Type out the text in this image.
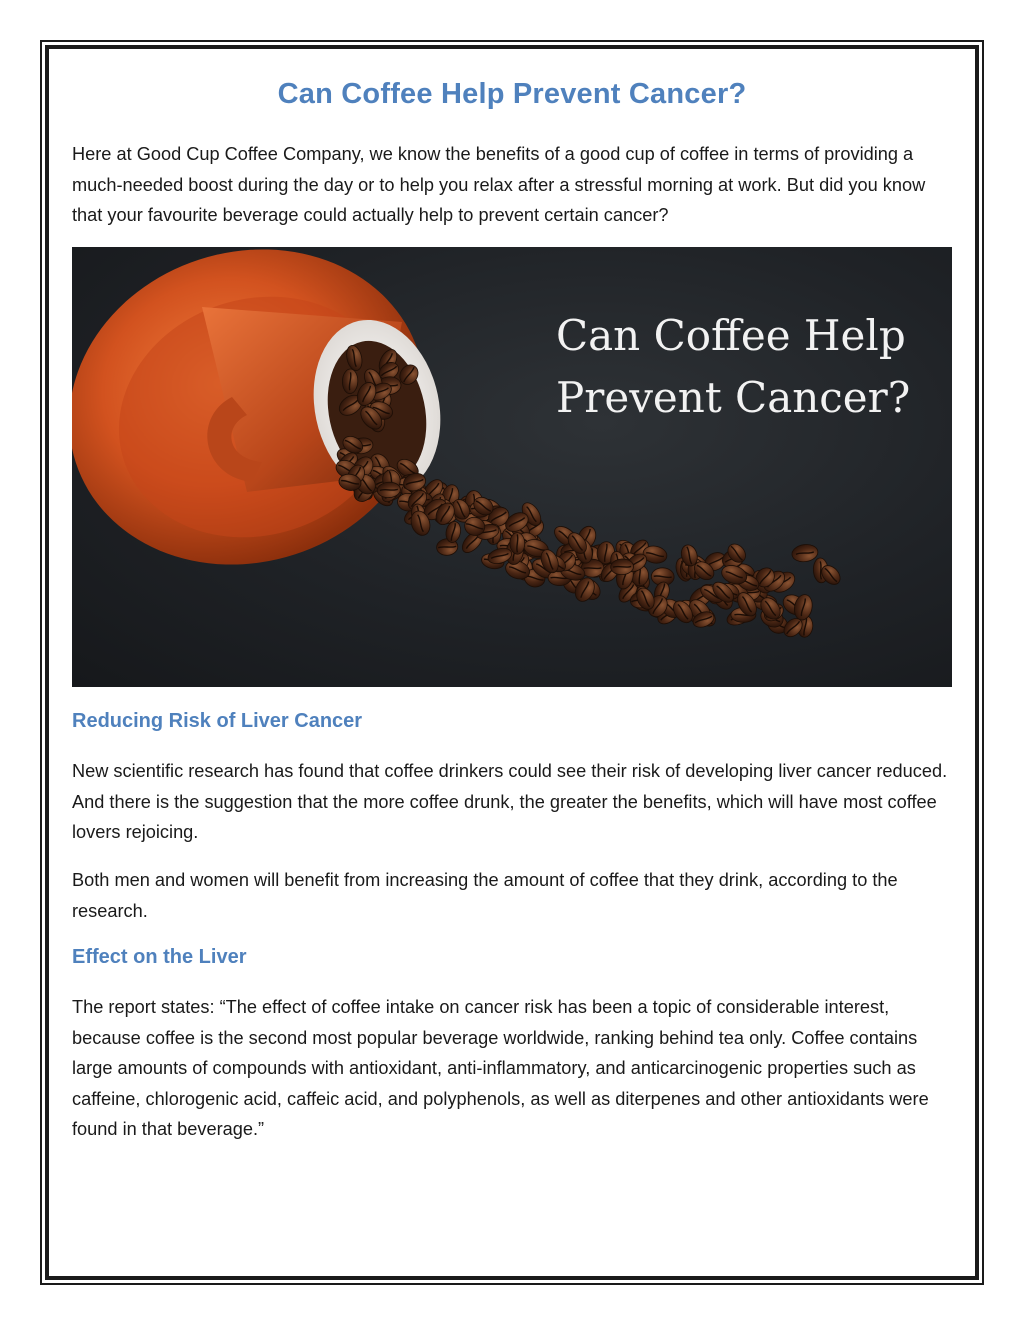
Can Coffee Help Prevent Cancer?

Here at Good Cup Coffee Company, we know the benefits of a good cup of coffee in terms of providing a much-needed boost during the day or to help you relax after a stressful morning at work. But did you know that your favourite beverage could actually help to prevent certain cancer?

Can Coffee Help
Prevent Cancer?
Reducing Risk of Liver Cancer

New scientific research has found that coffee drinkers could see their risk of developing liver cancer reduced. And there is the suggestion that the more coffee drunk, the greater the benefits, which will have most coffee lovers rejoicing.

Both men and women will benefit from increasing the amount of coffee that they drink, according to the research.

Effect on the Liver

The report states: “The effect of coffee intake on cancer risk has been a topic of considerable interest, because coffee is the second most popular beverage worldwide, ranking behind tea only. Coffee contains large amounts of compounds with antioxidant, anti-inflammatory, and anticarcinogenic properties such as caffeine, chlorogenic acid, caffeic acid, and polyphenols, as well as diterpenes and other antioxidants were found in that beverage.”
